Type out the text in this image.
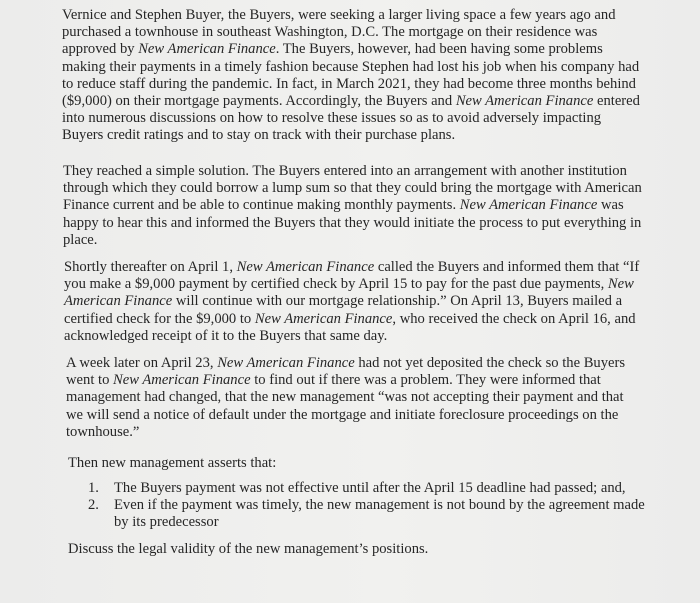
Vernice and Stephen Buyer, the Buyers, were seeking a larger living space a few years ago and purchased a townhouse in southeast Washington, D.C. The mortgage on their residence was approved by New American Finance. The Buyers, however, had been having some problems making their payments in a timely fashion because Stephen had lost his job when his company had to reduce staff during the pandemic. In fact, in March 2021, they had become three months behind ($9,000) on their mortgage payments. Accordingly, the Buyers and New American Finance entered into numerous discussions on how to resolve these issues so as to avoid adversely impacting Buyers credit ratings and to stay on track with their purchase plans.

They reached a simple solution. The Buyers entered into an arrangement with another institution through which they could borrow a lump sum so that they could bring the mortgage with American Finance current and be able to continue making monthly payments. New American Finance was happy to hear this and informed the Buyers that they would initiate the process to put everything in place.

Shortly thereafter on April 1, New American Finance called the Buyers and informed them that “If you make a $9,000 payment by certified check by April 15 to pay for the past due payments, New American Finance will continue with our mortgage relationship.” On April 13, Buyers mailed a certified check for the $9,000 to New American Finance, who received the check on April 16, and acknowledged receipt of it to the Buyers that same day.

A week later on April 23, New American Finance had not yet deposited the check so the Buyers went to New American Finance to find out if there was a problem. They were informed that management had changed, that the new management “was not accepting their payment and that we will send a notice of default under the mortgage and initiate foreclosure proceedings on the townhouse.”

Then new management asserts that:

1. The Buyers payment was not effective until after the April 15 deadline had passed; and,
2. Even if the payment was timely, the new management is not bound by the agreement made by its predecessor

Discuss the legal validity of the new management’s positions.
